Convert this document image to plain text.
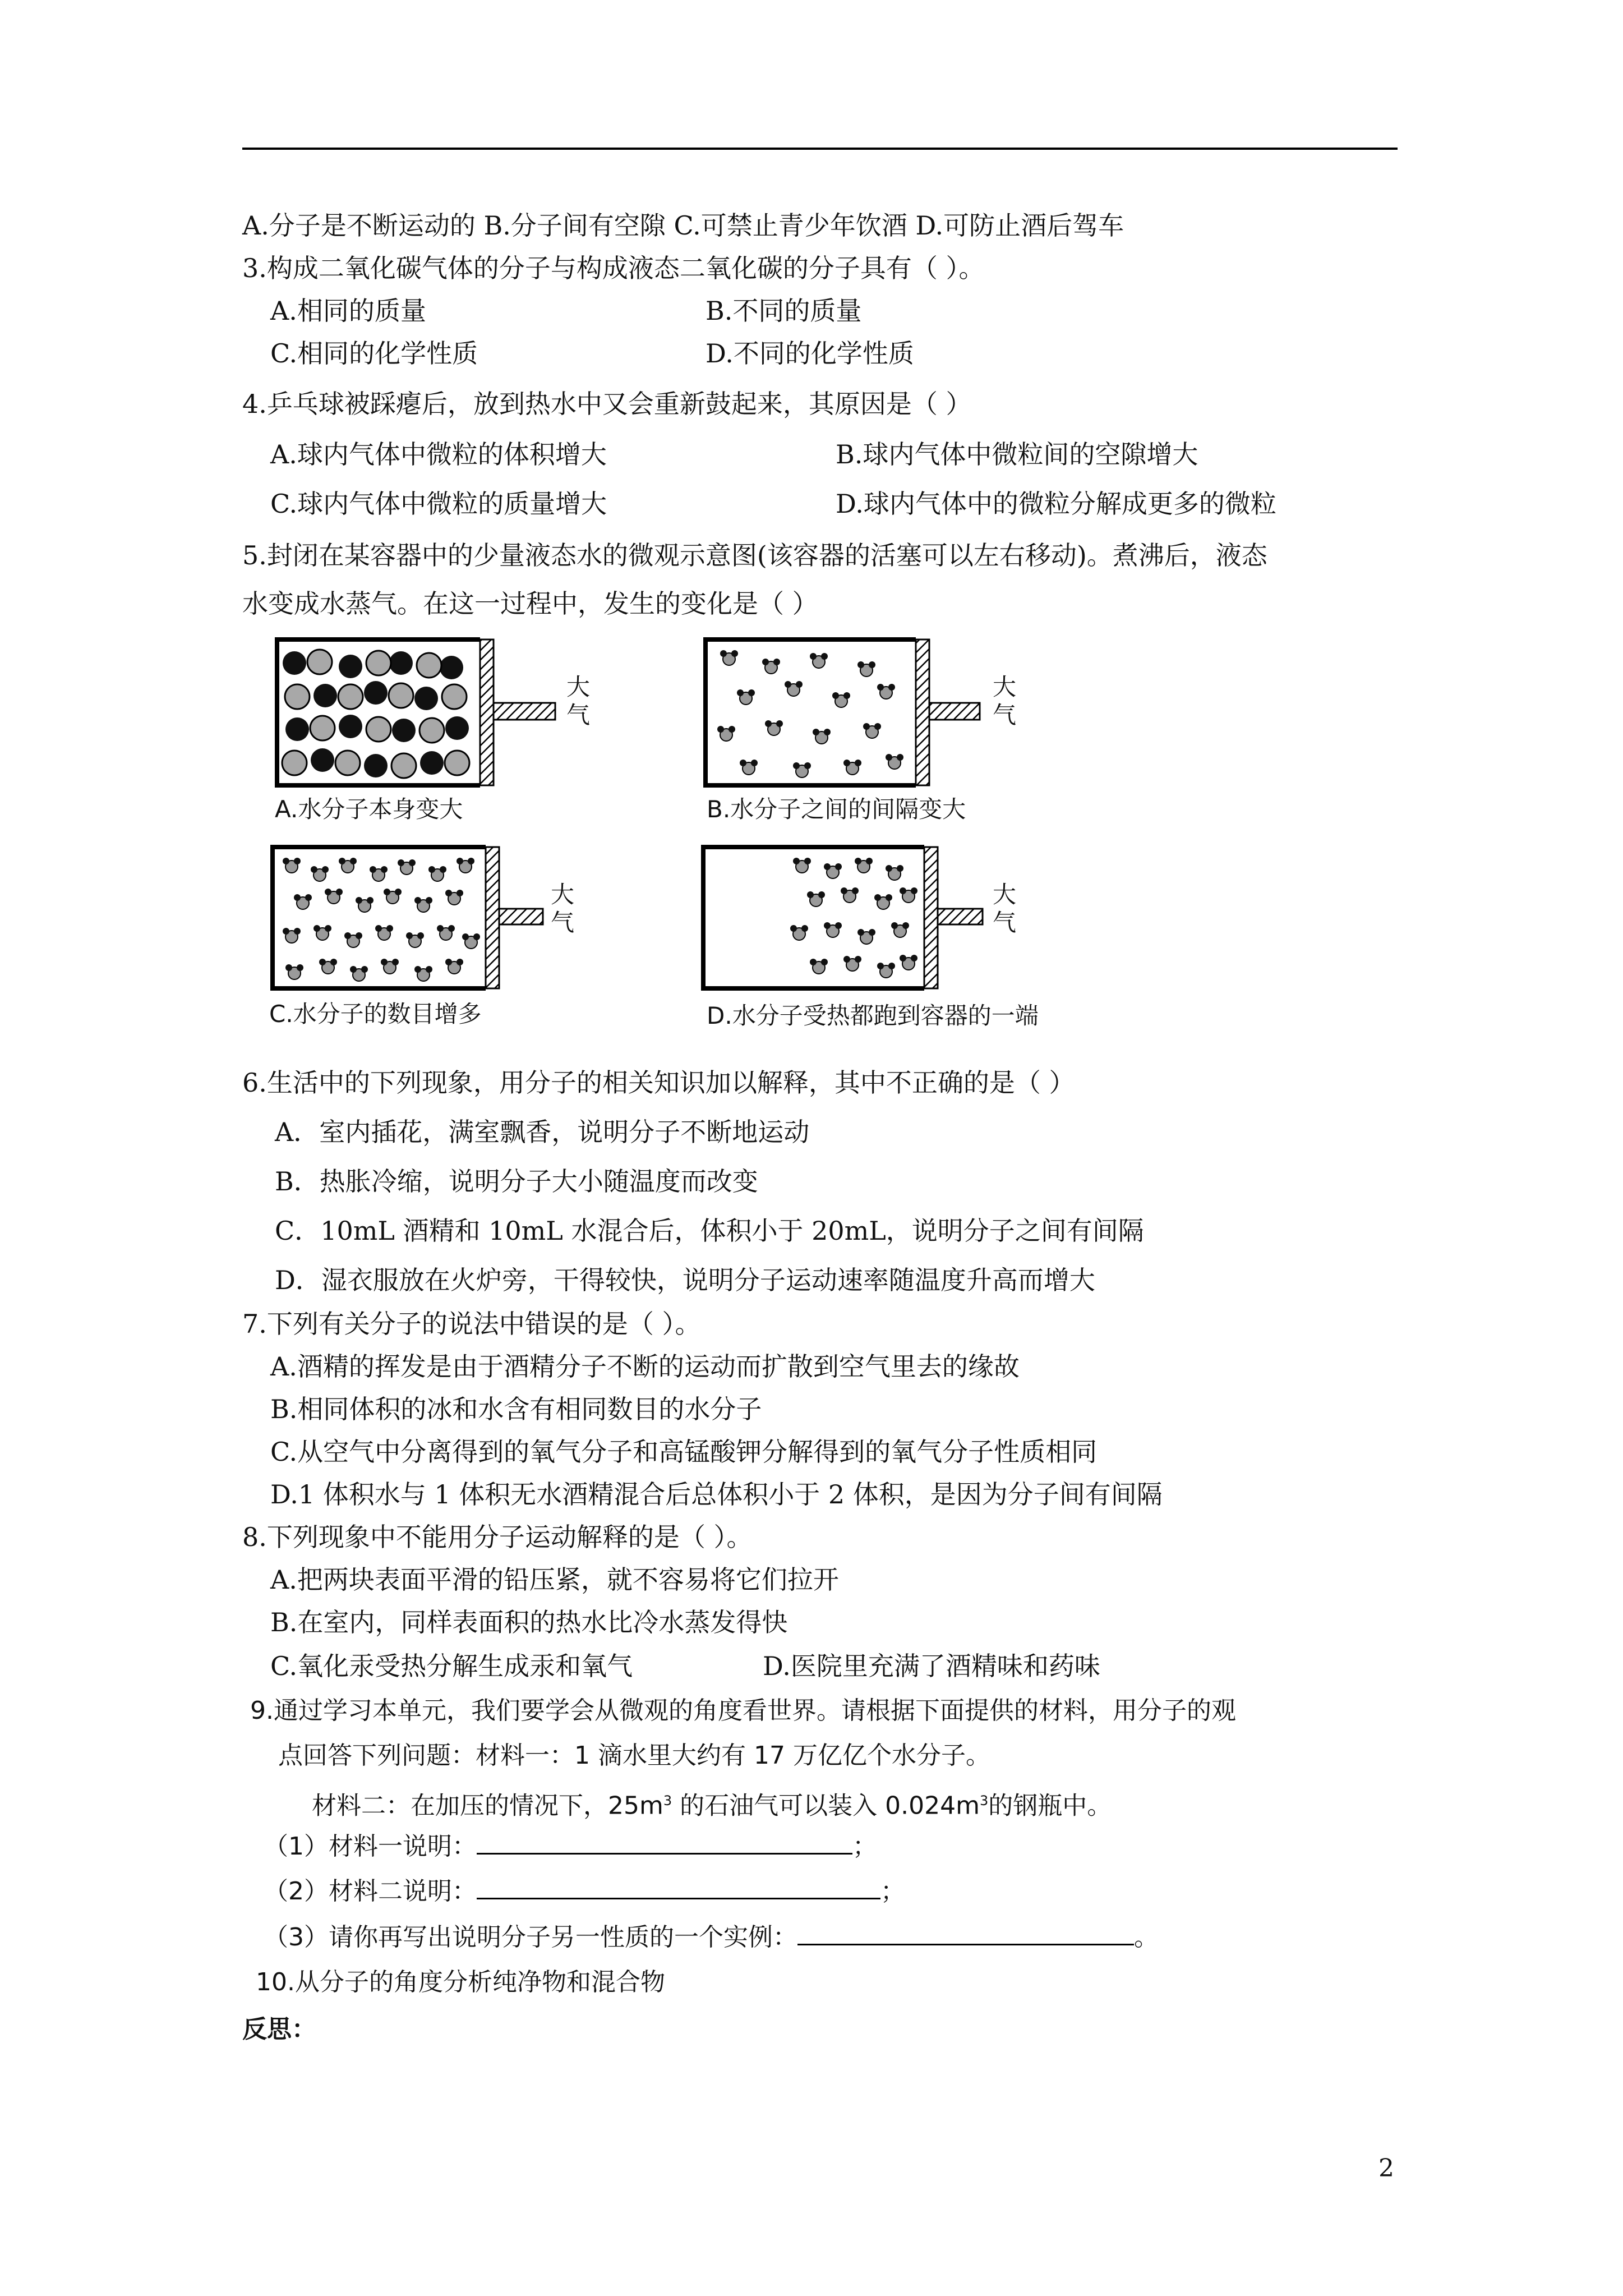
A.分子是不断运动的 B.分子间有空隙 C.可禁止青少年饮酒 D.可防止酒后驾车
3.构成二氧化碳气体的分子与构成液态二氧化碳的分子具有（ ）。
A.相同的质量	B.不同的质量
C.相同的化学性质	D.不同的化学性质
4.乒乓球被踩瘪后，放到热水中又会重新鼓起来，其原因是（ ）
A.球内气体中微粒的体积增大	B.球内气体中微粒间的空隙增大
C.球内气体中微粒的质量增大	D.球内气体中的微粒分解成更多的微粒
5.封闭在某容器中的少量液态水的微观示意图(该容器的活塞可以左右移动)。煮沸后，液态
水变成水蒸气。在这一过程中，发生的变化是（ ）
大
气
大
气
大
气
大
气
A.水分子本身变大	B.水分子之间的间隔变大
C.水分子的数目增多	D.水分子受热都跑到容器的一端
6.生活中的下列现象，用分子的相关知识加以解释，其中不正确的是（ ）
A．室内插花，满室飘香，说明分子不断地运动
B．热胀冷缩，说明分子大小随温度而改变
C．10mL 酒精和 10mL 水混合后，体积小于 20mL，说明分子之间有间隔
D．湿衣服放在火炉旁，干得较快，说明分子运动速率随温度升高而增大
7.下列有关分子的说法中错误的是（ ）。
A.酒精的挥发是由于酒精分子不断的运动而扩散到空气里去的缘故
B.相同体积的冰和水含有相同数目的水分子
C.从空气中分离得到的氧气分子和高锰酸钾分解得到的氧气分子性质相同
D.1 体积水与 1 体积无水酒精混合后总体积小于 2 体积，是因为分子间有间隔
8.下列现象中不能用分子运动解释的是（ ）。
A.把两块表面平滑的铅压紧，就不容易将它们拉开
B.在室内，同样表面积的热水比冷水蒸发得快
C.氧化汞受热分解生成汞和氧气	D.医院里充满了酒精味和药味
9.通过学习本单元，我们要学会从微观的角度看世界。请根据下面提供的材料，用分子的观
点回答下列问题：材料一：1 滴水里大约有 17 万亿亿个水分子。
材料二：在加压的情况下，$25m^3$ 的石油气可以装入 $0.024m^3$的钢瓶中。
（1）材料一说明：	；
（2）材料二说明：	；
（3）请你再写出说明分子另一性质的一个实例：	。
10.从分子的角度分析纯净物和混合物
反思：
2
